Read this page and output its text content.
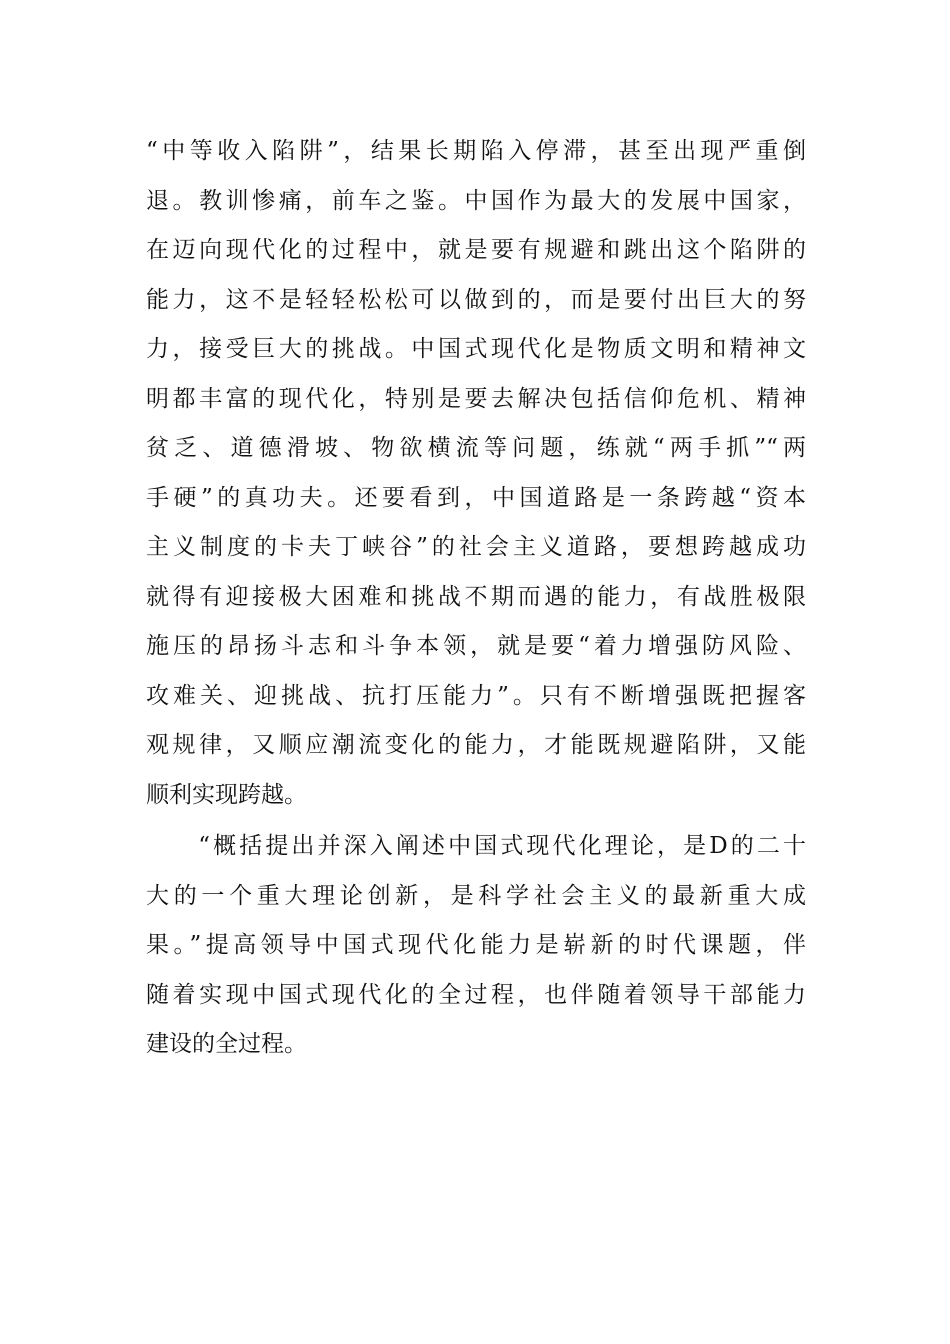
“中等收入陷阱”，结果长期陷入停滞，甚至出现严重倒
退。教训惨痛，前车之鉴。中国作为最大的发展中国家，
在迈向现代化的过程中，就是要有规避和跳出这个陷阱的
能力，这不是轻轻松松可以做到的，而是要付出巨大的努
力，接受巨大的挑战。中国式现代化是物质文明和精神文
明都丰富的现代化，特别是要去解决包括信仰危机、精神
贫乏、道德滑坡、物欲横流等问题，练就“两手抓”“两
手硬”的真功夫。还要看到，中国道路是一条跨越“资本
主义制度的卡夫丁峡谷”的社会主义道路，要想跨越成功
就得有迎接极大困难和挑战不期而遇的能力，有战胜极限
施压的昂扬斗志和斗争本领，就是要“着力增强防风险、
攻难关、迎挑战、抗打压能力”。只有不断增强既把握客
观规律，又顺应潮流变化的能力，才能既规避陷阱，又能
顺利实现跨越。
　　“概括提出并深入阐述中国式现代化理论，是D的二十
大的一个重大理论创新，是科学社会主义的最新重大成
果。”提高领导中国式现代化能力是崭新的时代课题，伴
随着实现中国式现代化的全过程，也伴随着领导干部能力
建设的全过程。
